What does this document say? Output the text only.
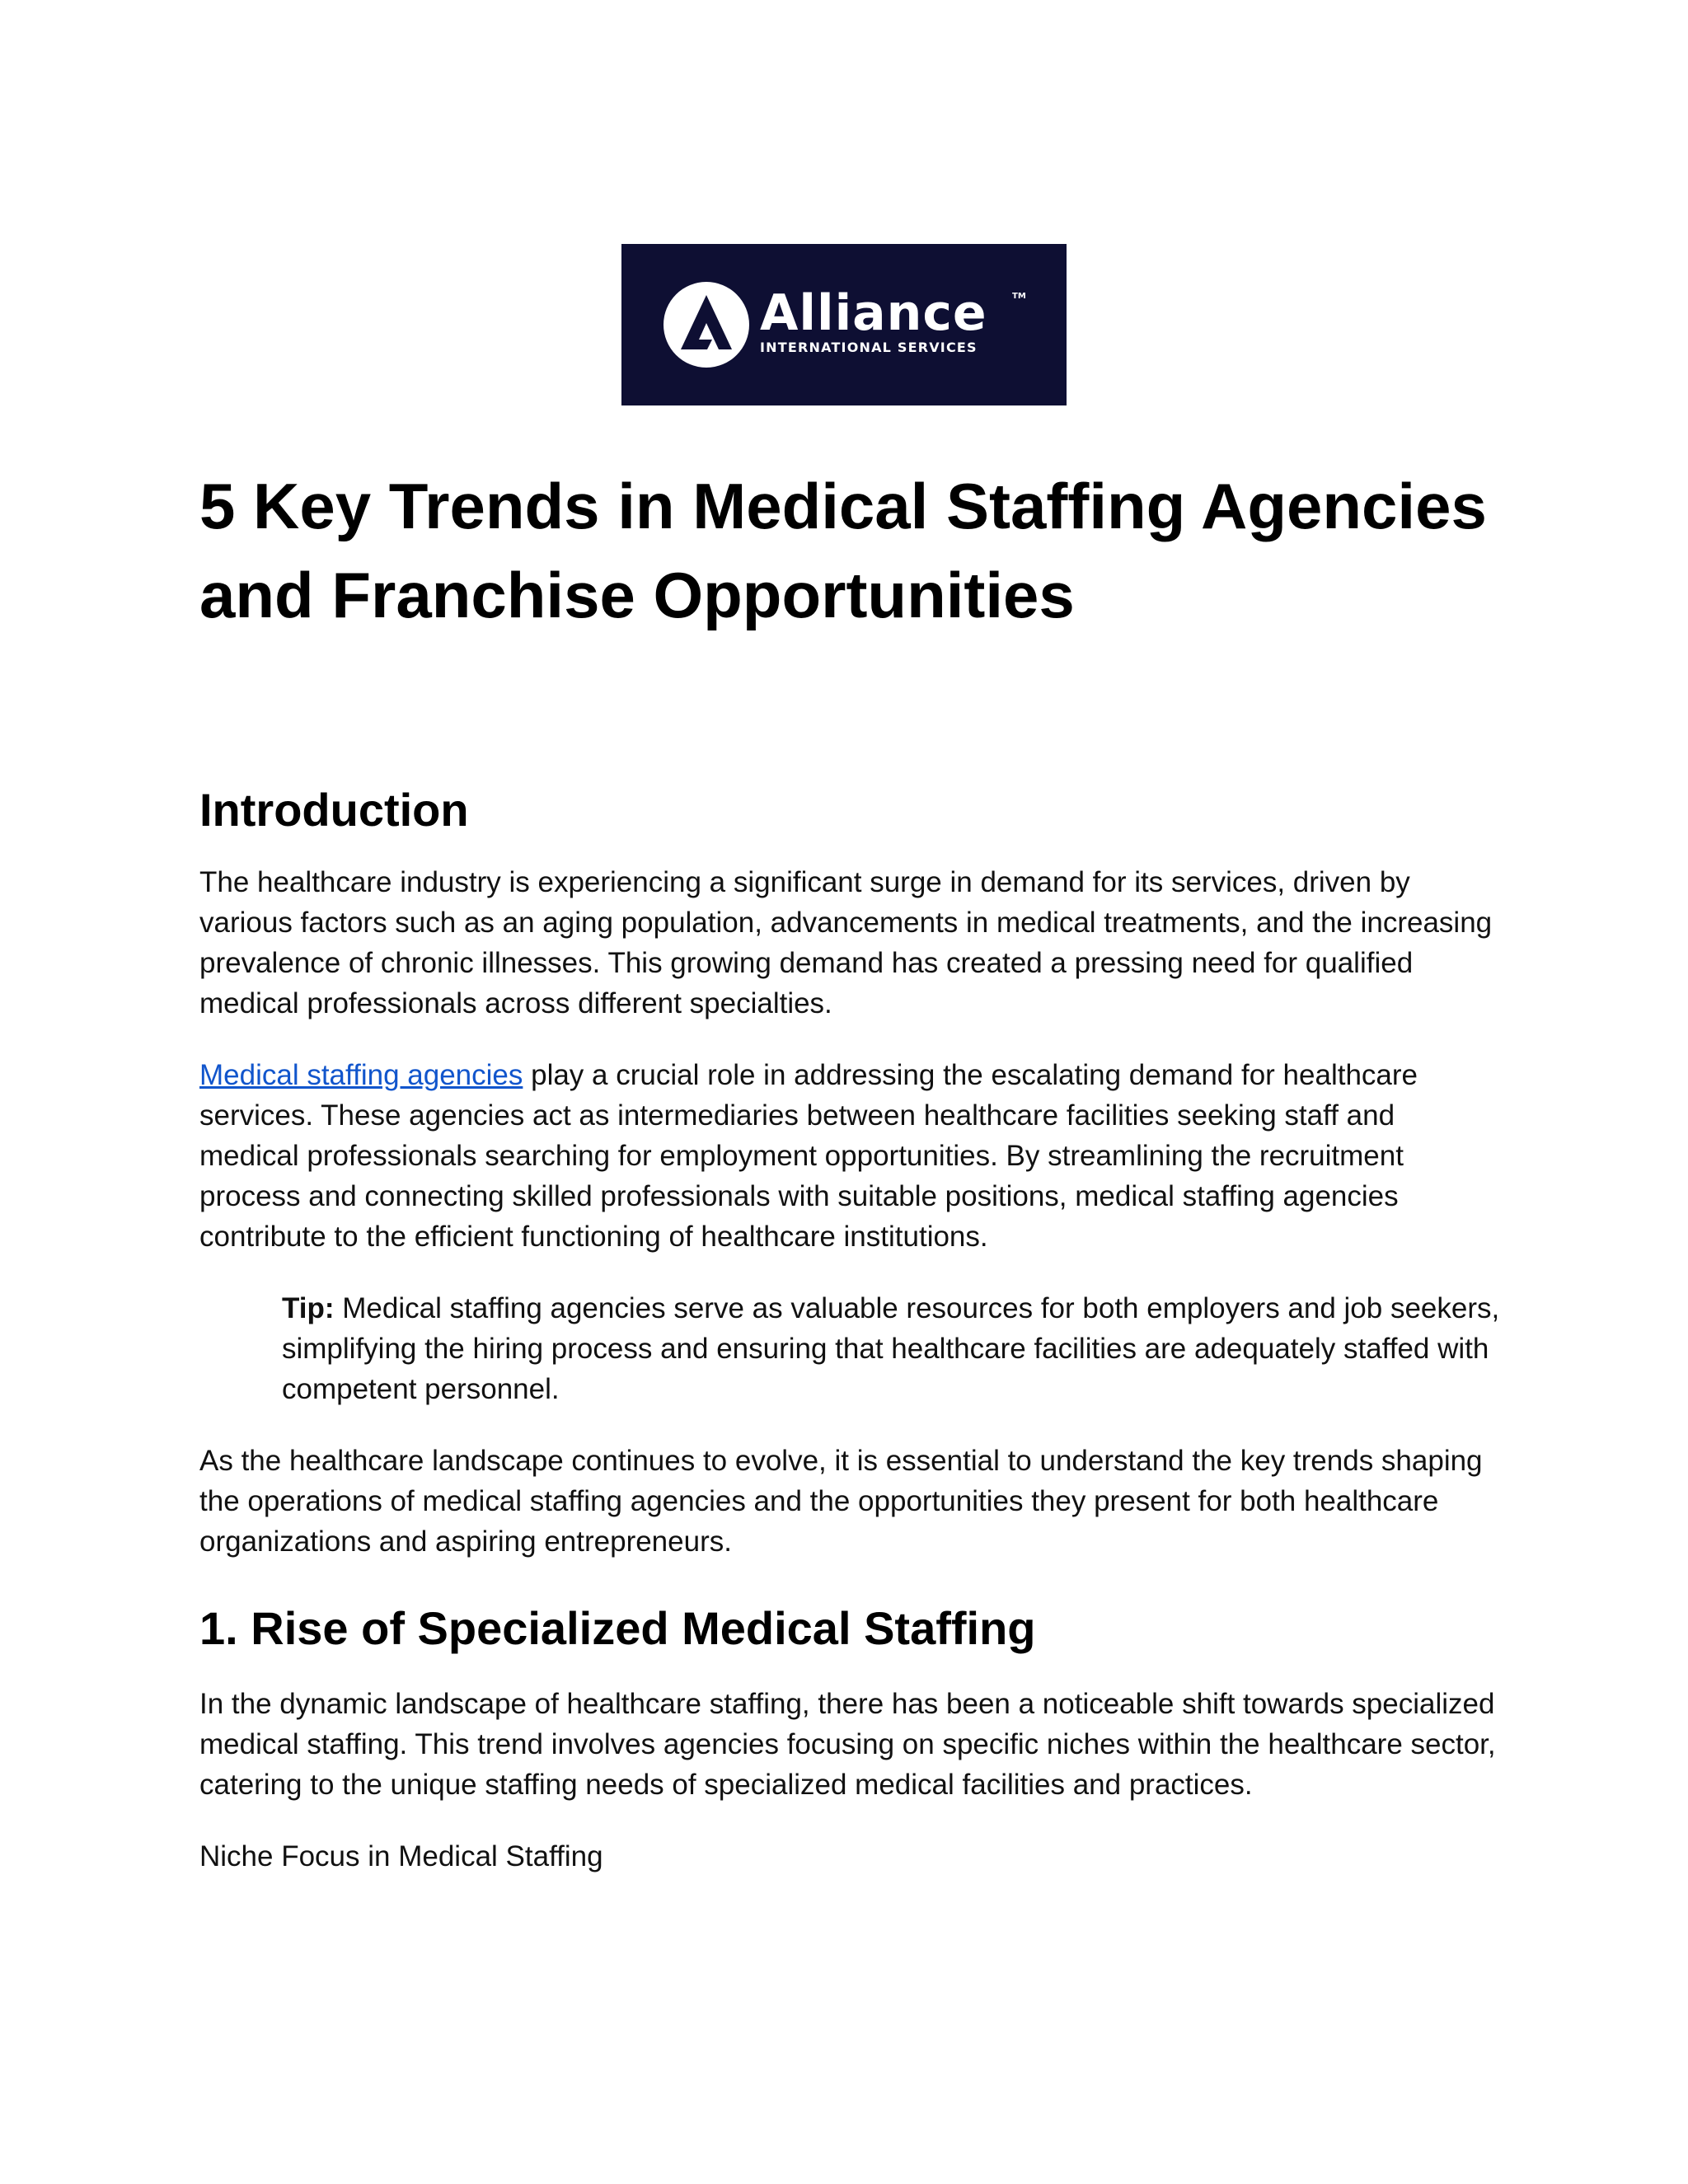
Alliance
INTERNATIONAL SERVICES
TM
5 Key Trends in Medical Staffing Agencies and Franchise Opportunities
Introduction

The healthcare industry is experiencing a significant surge in demand for its services, driven by various factors such as an aging population, advancements in medical treatments, and the increasing prevalence of chronic illnesses. This growing demand has created a pressing need for qualified medical professionals across different specialties.

Medical staffing agencies play a crucial role in addressing the escalating demand for healthcare services. These agencies act as intermediaries between healthcare facilities seeking staff and medical professionals searching for employment opportunities. By streamlining the recruitment process and connecting skilled professionals with suitable positions, medical staffing agencies contribute to the efficient functioning of healthcare institutions.

Tip: Medical staffing agencies serve as valuable resources for both employers and job seekers, simplifying the hiring process and ensuring that healthcare facilities are adequately staffed with competent personnel.

As the healthcare landscape continues to evolve, it is essential to understand the key trends shaping the operations of medical staffing agencies and the opportunities they present for both healthcare organizations and aspiring entrepreneurs.

1. Rise of Specialized Medical Staffing

In the dynamic landscape of healthcare staffing, there has been a noticeable shift towards specialized medical staffing. This trend involves agencies focusing on specific niches within the healthcare sector, catering to the unique staffing needs of specialized medical facilities and practices.

Niche Focus in Medical Staffing
